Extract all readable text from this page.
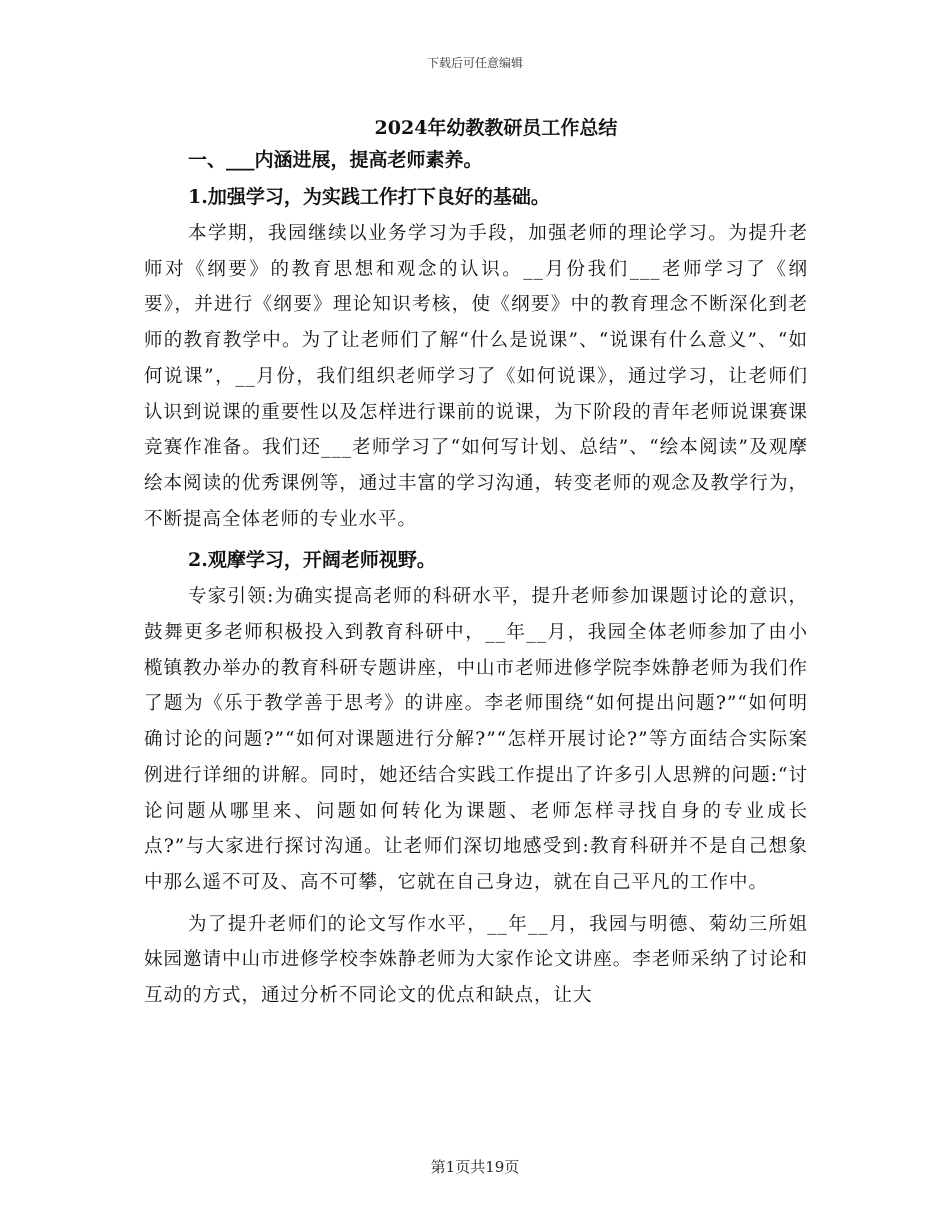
下载后可任意编辑
2024年幼教教研员工作总结
一、___内涵进展，提高老师素养。
1.加强学习，为实践工作打下良好的基础。

本学期，我园继续以业务学习为手段，加强老师的理论学习。为提升老师对《纲要》的教育思想和观念的认识。__月份我们___老师学习了《纲要》，并进行《纲要》理论知识考核，使《纲要》中的教育理念不断深化到老师的教育教学中。为了让老师们了解“什么是说课”、“说课有什么意义”、“如何说课”，__月份，我们组织老师学习了《如何说课》，通过学习，让老师们认识到说课的重要性以及怎样进行课前的说课，为下阶段的青年老师说课赛课竞赛作准备。我们还___老师学习了“如何写计划、总结”、“绘本阅读”及观摩绘本阅读的优秀课例等，通过丰富的学习沟通，转变老师的观念及教学行为，不断提高全体老师的专业水平。

2.观摩学习，开阔老师视野。

专家引领:为确实提高老师的科研水平，提升老师参加课题讨论的意识，鼓舞更多老师积极投入到教育科研中，__年__月，我园全体老师参加了由小榄镇教办举办的教育科研专题讲座，中山市老师进修学院李姝静老师为我们作了题为《乐于教学善于思考》的讲座。李老师围绕“如何提出问题?”“如何明确讨论的问题?”“如何对课题进行分解?”“怎样开展讨论?”等方面结合实际案例进行详细的讲解。同时，她还结合实践工作提出了许多引人思辨的问题:“讨论问题从哪里来、问题如何转化为课题、老师怎样寻找自身的专业成长点?”与大家进行探讨沟通。让老师们深切地感受到:教育科研并不是自己想象中那么遥不可及、高不可攀，它就在自己身边，就在自己平凡的工作中。

为了提升老师们的论文写作水平，__年__月，我园与明德、菊幼三所姐妹园邀请中山市进修学校李姝静老师为大家作论文讲座。李老师采纳了讨论和互动的方式，通过分析不同论文的优点和缺点，让大

第1页共19页
